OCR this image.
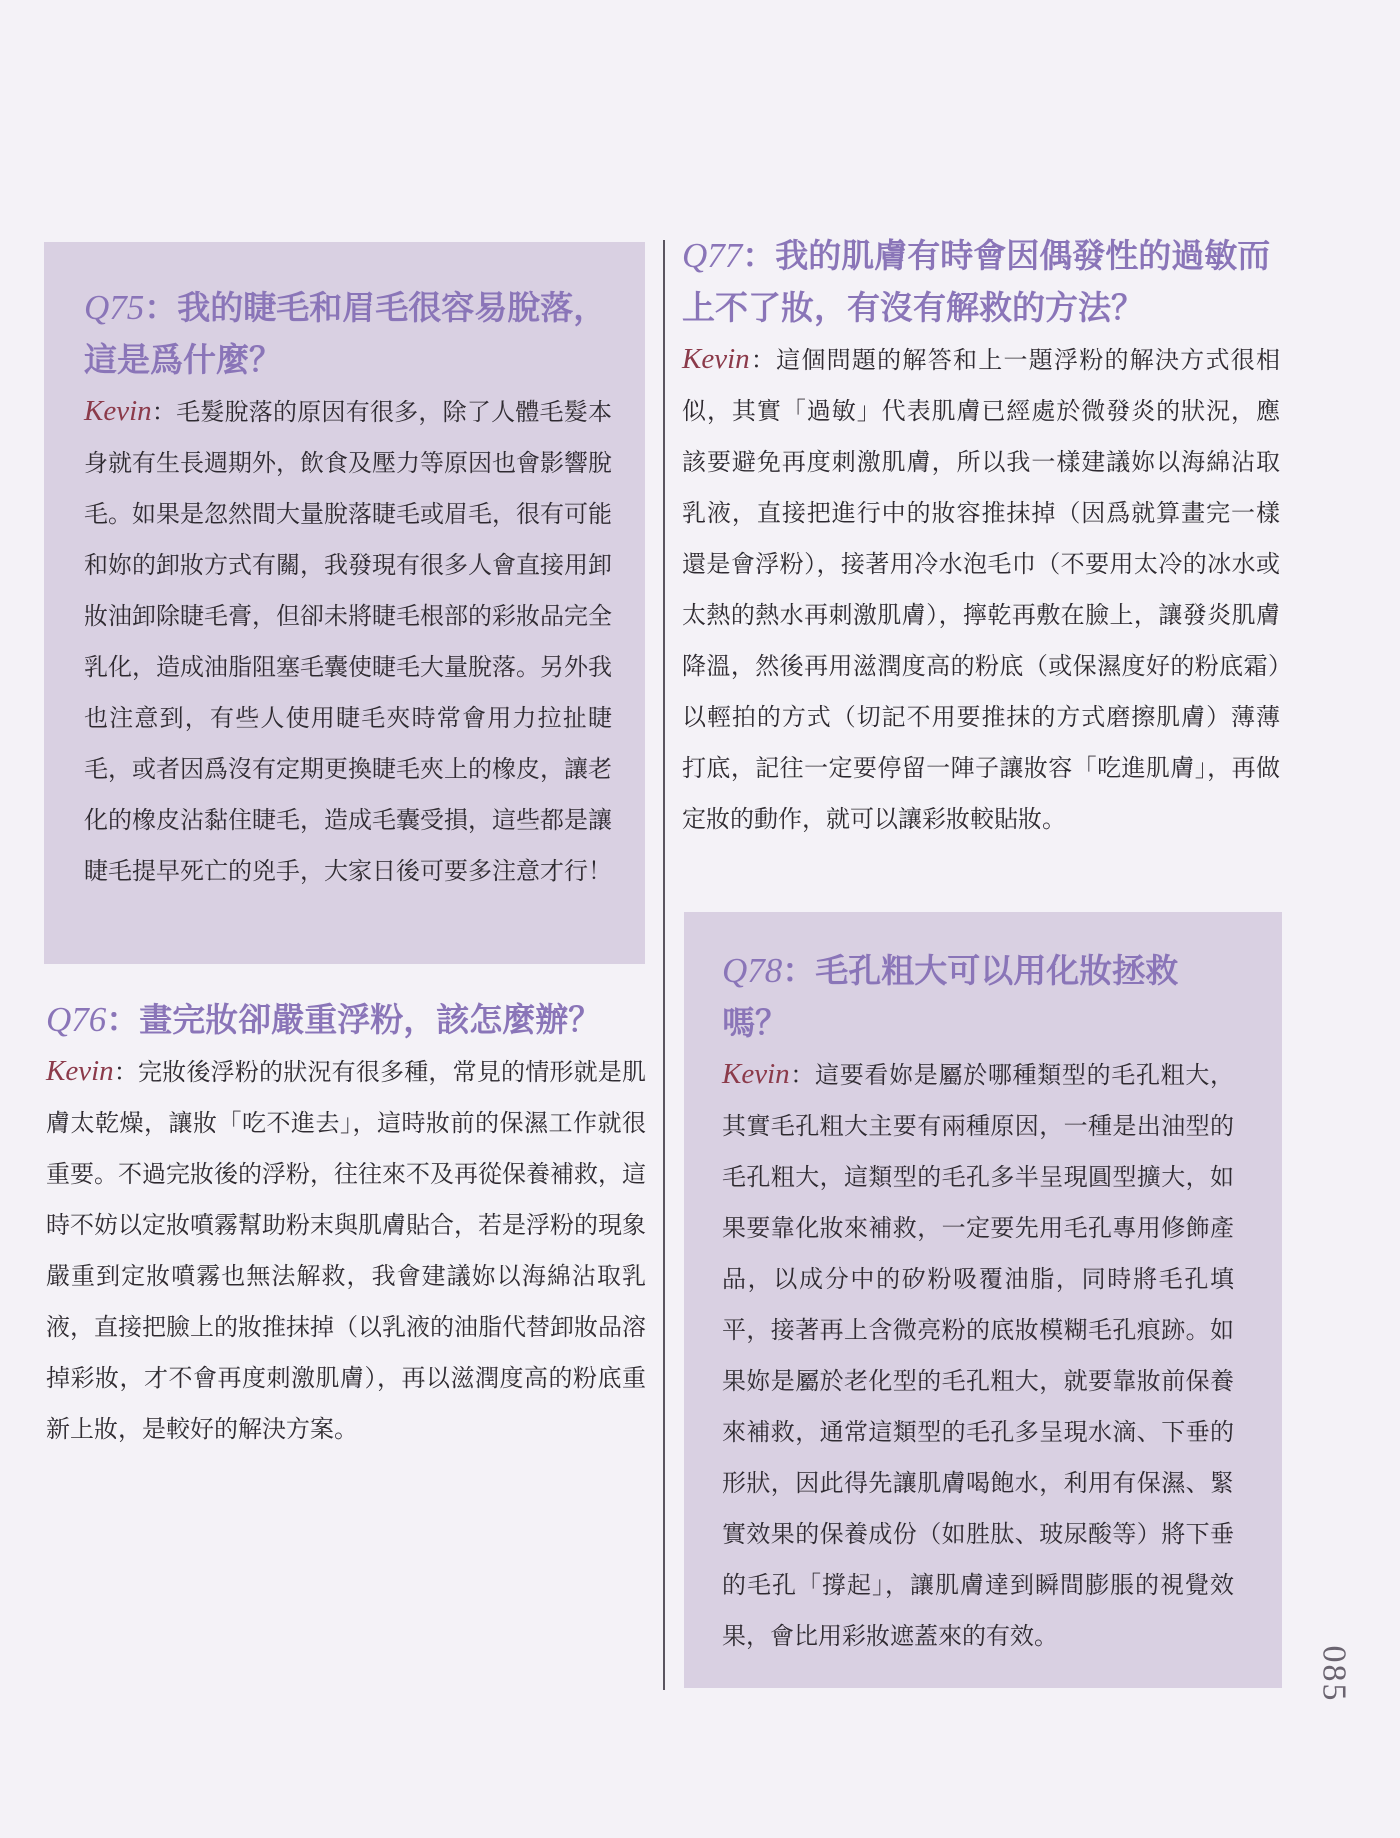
Q75：我的睫毛和眉毛很容易脫落，這是爲什麼？

Kevin：毛髮脫落的原因有很多，除了人體毛髮本身就有生長週期外，飲食及壓力等原因也會影響脫毛。如果是忽然間大量脫落睫毛或眉毛，很有可能和妳的卸妝方式有關，我發現有很多人會直接用卸妝油卸除睫毛膏，但卻未將睫毛根部的彩妝品完全乳化，造成油脂阻塞毛囊使睫毛大量脫落。另外我也注意到，有些人使用睫毛夾時常會用力拉扯睫毛，或者因爲沒有定期更換睫毛夾上的橡皮，讓老化的橡皮沾黏住睫毛，造成毛囊受損，這些都是讓睫毛提早死亡的兇手，大家日後可要多注意才行！

Q76：畫完妝卻嚴重浮粉，該怎麼辦？

Kevin：完妝後浮粉的狀況有很多種，常見的情形就是肌膚太乾燥，讓妝「吃不進去」，這時妝前的保濕工作就很重要。不過完妝後的浮粉，往往來不及再從保養補救，這時不妨以定妝噴霧幫助粉末與肌膚貼合，若是浮粉的現象嚴重到定妝噴霧也無法解救，我會建議妳以海綿沾取乳液，直接把臉上的妝推抹掉（以乳液的油脂代替卸妝品溶掉彩妝，才不會再度刺激肌膚），再以滋潤度高的粉底重新上妝，是較好的解決方案。

Q77：我的肌膚有時會因偶發性的過敏而上不了妝，有沒有解救的方法？

Kevin：這個問題的解答和上一題浮粉的解決方式很相似，其實「過敏」代表肌膚已經處於微發炎的狀況，應該要避免再度刺激肌膚，所以我一樣建議妳以海綿沾取乳液，直接把進行中的妝容推抹掉（因爲就算畫完一樣還是會浮粉），接著用冷水泡毛巾（不要用太冷的冰水或太熱的熱水再刺激肌膚），擰乾再敷在臉上，讓發炎肌膚降溫，然後再用滋潤度高的粉底（或保濕度好的粉底霜）以輕拍的方式（切記不用要推抹的方式磨擦肌膚）薄薄打底，記往一定要停留一陣子讓妝容「吃進肌膚」，再做定妝的動作，就可以讓彩妝較貼妝。

Q78：毛孔粗大可以用化妝拯救嗎？

Kevin：這要看妳是屬於哪種類型的毛孔粗大，其實毛孔粗大主要有兩種原因，一種是出油型的毛孔粗大，這類型的毛孔多半呈現圓型擴大，如果要靠化妝來補救，一定要先用毛孔專用修飾產品，以成分中的矽粉吸覆油脂，同時將毛孔填平，接著再上含微亮粉的底妝模糊毛孔痕跡。如果妳是屬於老化型的毛孔粗大，就要靠妝前保養來補救，通常這類型的毛孔多呈現水滴、下垂的形狀，因此得先讓肌膚喝飽水，利用有保濕、緊實效果的保養成份（如胜肽、玻尿酸等）將下垂的毛孔「撐起」，讓肌膚達到瞬間膨脹的視覺效果，會比用彩妝遮蓋來的有效。

085
